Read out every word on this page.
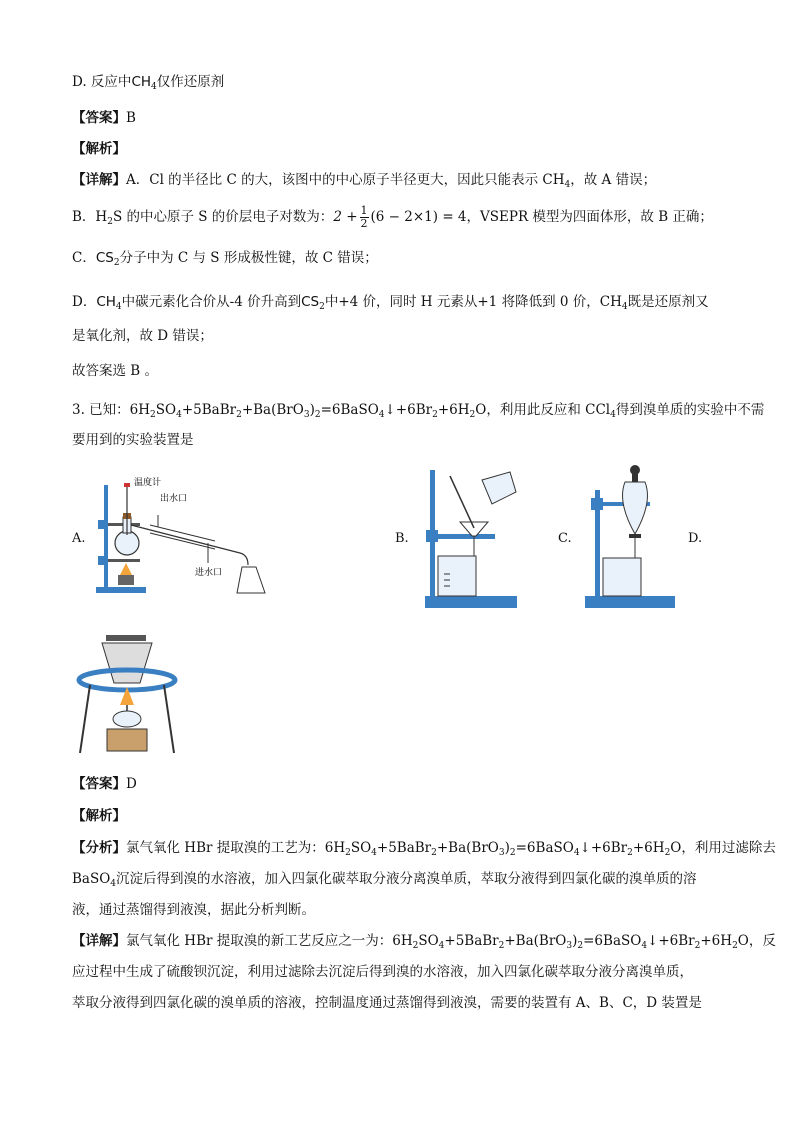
D. 反应中$CH_4$仅作还原剂
【答案】B
【解析】
【详解】A．Cl 的半径比 C 的大，该图中的中心原子半径更大，因此只能表示 $CH_4$，故 A 错误；
B．$H_2S$ 的中心原子 S 的价层电子对数为：$2 + \frac{1}{2} (6 - 2\times 1) = 4$，VSEPR 模型为四面体形，故 B 正确；
C．$CS_2$分子中为 C 与 S 形成极性键，故 C 错误；
D．$CH_4$中碳元素化合价从-4 价升高到$CS_2$中+4 价，同时 H 元素从+1 将降低到 0 价，$CH_4$既是还原剂又
是氧化剂，故 D 错误；
故答案选 B 。
3. 已知：$6H_2SO_4+5BaBr_2+Ba(BrO_3)_2=6BaSO_4↓+6Br_2+6H_2O$，利用此反应和 CCl$_4$得到溴单质的实验中不需
要用到的实验装置是
A.	B.	C.	D.
温度计
出水口
进水口
【答案】D
【解析】
【分析】氯气氧化 HBr 提取溴的工艺为：$6H_2SO_4+5BaBr_2+Ba(BrO_3)_2=6BaSO_4↓+6Br_2+6H_2O$，利用过滤除去
BaSO$_4$沉淀后得到溴的水溶液，加入四氯化碳萃取分液分离溴单质，萃取分液得到四氯化碳的溴单质的溶
液，通过蒸馏得到液溴，据此分析判断。
【详解】氯气氧化 HBr 提取溴的新工艺反应之一为：$6H_2SO_4+5BaBr_2+Ba(BrO_3)_2=6BaSO_4↓+6Br_2+6H_2O$，反
应过程中生成了硫酸钡沉淀，利用过滤除去沉淀后得到溴的水溶液，加入四氯化碳萃取分液分离溴单质，
萃取分液得到四氯化碳的溴单质的溶液，控制温度通过蒸馏得到液溴，需要的装置有 A、B、C，D 装置是
